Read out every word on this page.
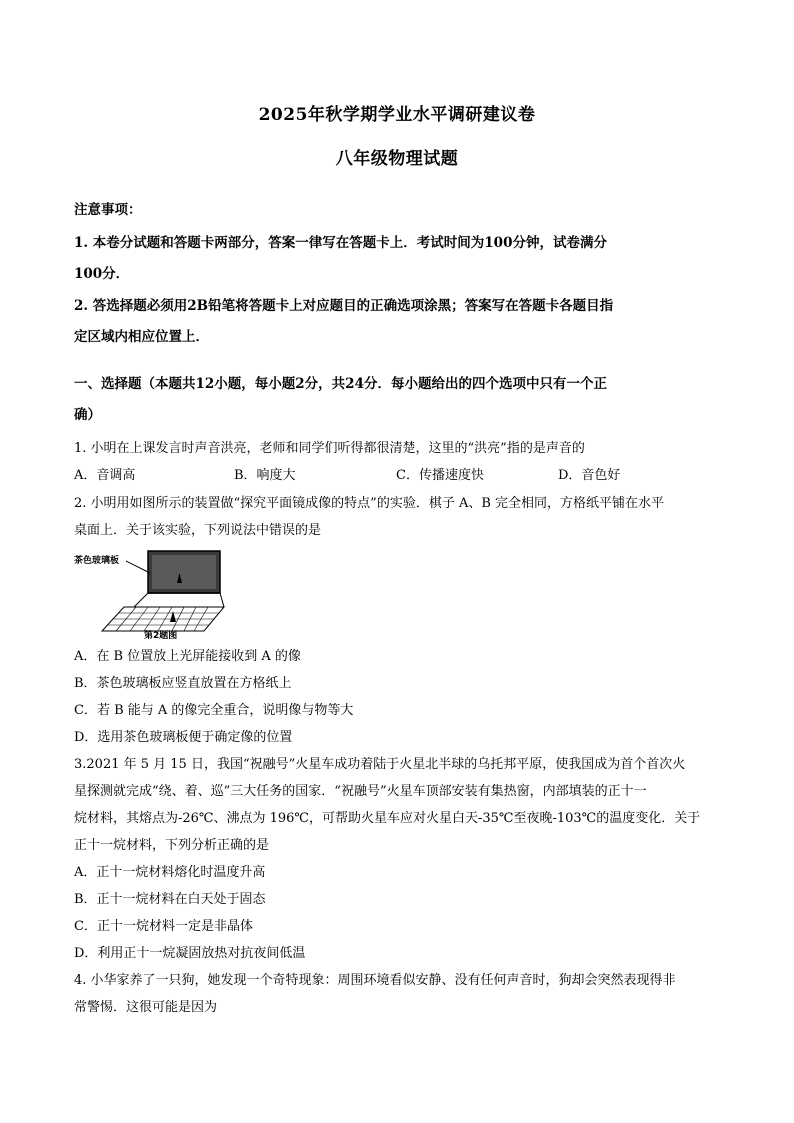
2025年秋学期学业水平调研建议卷
八年级物理试题
注意事项：
1. 本卷分试题和答题卡两部分，答案一律写在答题卡上．考试时间为100分钟，试卷满分
100分．
2. 答选择题必须用2B铅笔将答题卡上对应题目的正确选项涂黑；答案写在答题卡各题目指
定区域内相应位置上．
一、选择题（本题共12小题，每小题2分，共24分．每小题给出的四个选项中只有一个正
确）
1. 小明在上课发言时声音洪亮，老师和同学们听得都很清楚，这里的“洪亮”指的是声音的
A．音调高	B．响度大	C．传播速度快	D．音色好
2. 小明用如图所示的装置做“探究平面镜成像的特点”的实验．棋子 A、B 完全相同，方格纸平铺在水平
桌面上．关于该实验，下列说法中错误的是
茶色玻璃板
第2题图
A．在 B 位置放上光屏能接收到 A 的像
B．茶色玻璃板应竖直放置在方格纸上
C．若 B 能与 A 的像完全重合，说明像与物等大
D．选用茶色玻璃板便于确定像的位置
3.2021 年 5 月 15 日，我国“祝融号”火星车成功着陆于火星北半球的乌托邦平原，使我国成为首个首次火
星探测就完成“绕、着、巡”三大任务的国家．“祝融号”火星车顶部安装有集热窗，内部填装的正十一
烷材料，其熔点为-26℃、沸点为 196℃，可帮助火星车应对火星白天-35℃至夜晚-103℃的温度变化．关于
正十一烷材料，下列分析正确的是
A．正十一烷材料熔化时温度升高
B．正十一烷材料在白天处于固态
C．正十一烷材料一定是非晶体
D．利用正十一烷凝固放热对抗夜间低温
4. 小华家养了一只狗，她发现一个奇特现象：周围环境看似安静、没有任何声音时，狗却会突然表现得非
常警惕．这很可能是因为
